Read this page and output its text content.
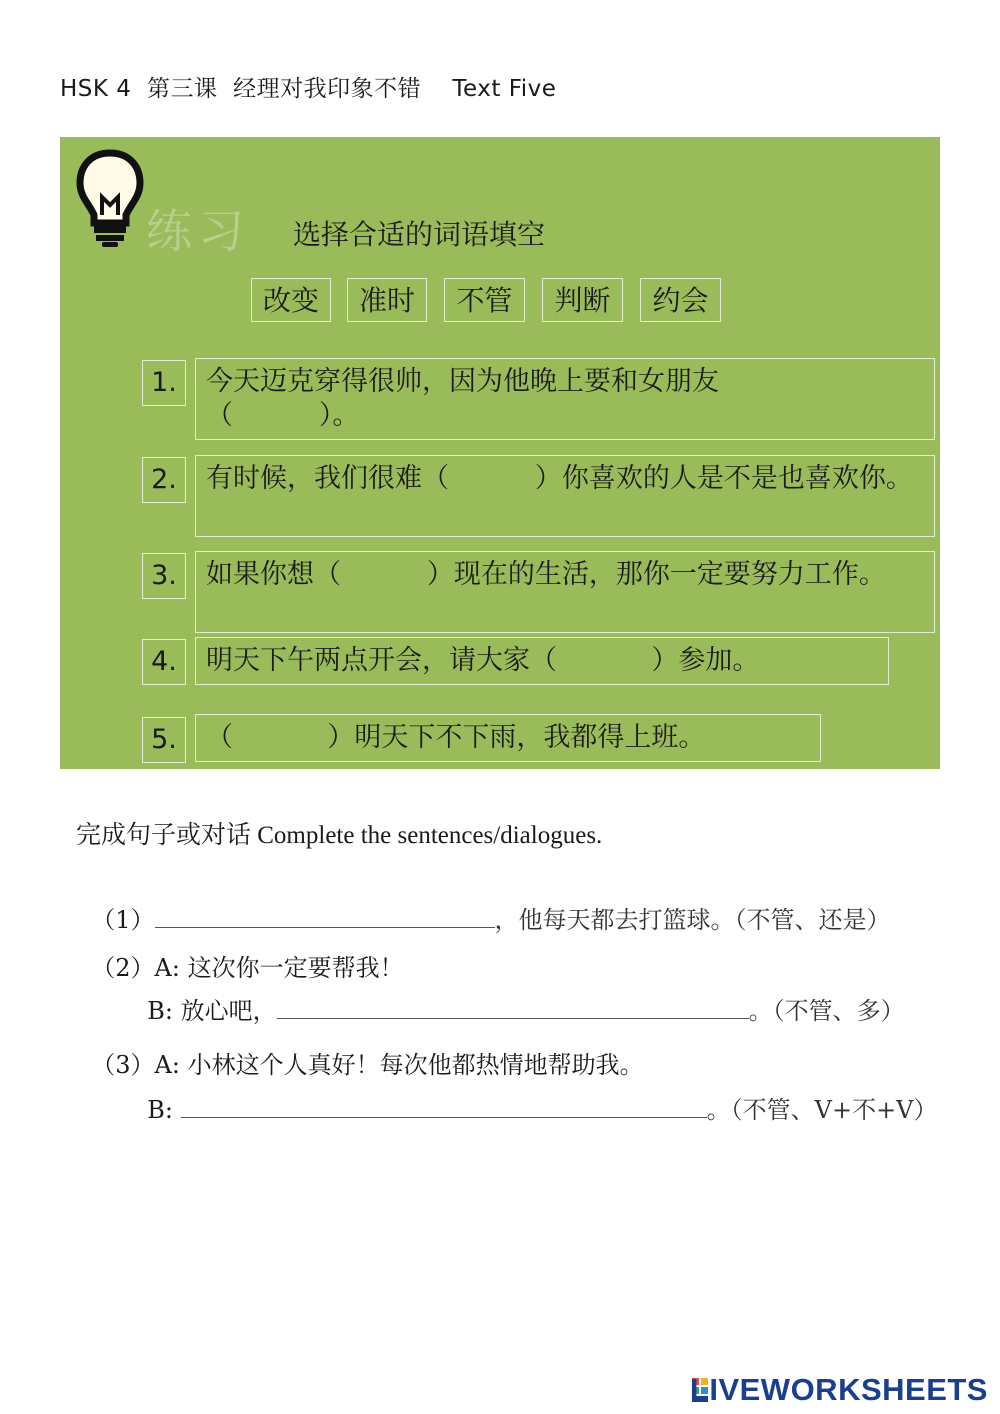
HSK 4  第三课  经理对我印象不错    Text Five
练习 选择合适的词语填空
改变	准时	不管	判断	约会
1.	今天迈克穿得很帅，因为他晚上要和女朋友
（          ）。
2.	有时候，我们很难（          ）你喜欢的人是不是也喜欢你。
3.	如果你想（          ）现在的生活，那你一定要努力工作。
4.	明天下午两点开会，请大家（           ）参加。
5.	（           ）明天下不下雨，我都得上班。
完成句子或对话 Complete the sentences/dialogues.

（1）	，他每天都去打篮球。（不管、还是）

（2）A: 这次你一定要帮我！

B: 放心吧，	。（不管、多）

（3）A: 小林这个人真好！每次他都热情地帮助我。

B:	。（不管、V+不+V）

LIVEWORKSHEETS
